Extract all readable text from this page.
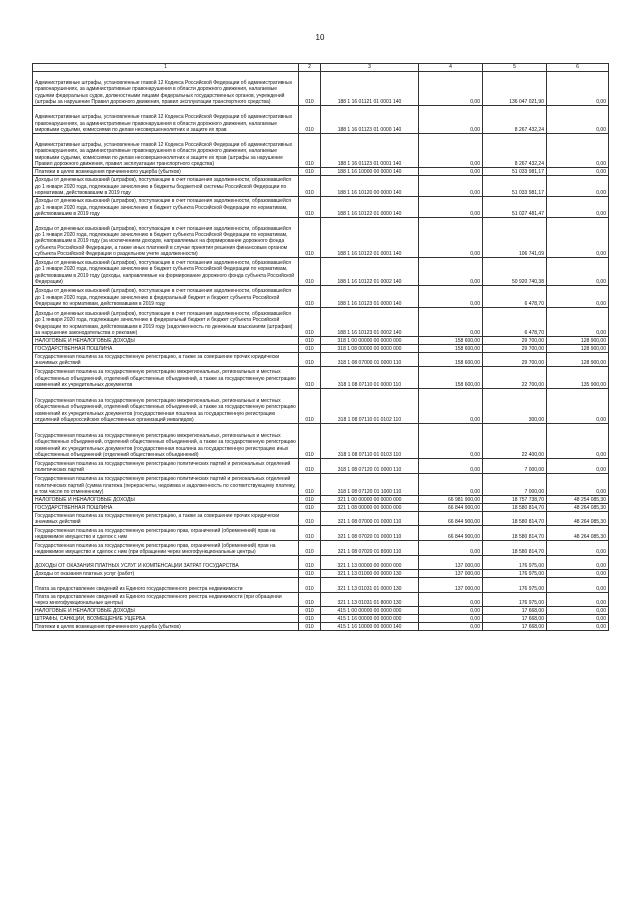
10
1	2	3	4	5	6
Административные штрафы, установленные главой 12 Кодекса Российской Федерации об административных правонарушениях, за административные правонарушения в области дорожного движения, налагаемые судьями федеральных судов, должностными лицами федеральных государственных органов, учреждений (штрафы за нарушение Правил дорожного движения, правил эксплуатации транспортного средства)	010	188 1 16 01121 01 0001 140	0,00	136 047 021,90	0,00
Административные штрафы, установленные главой 12 Кодекса Российской Федерации об административных правонарушениях, за административные правонарушения в области дорожного движения, налагаемые мировыми судьями, комиссиями по делам несовершеннолетних и защите их прав	010	188 1 16 01123 01 0000 140	0,00	8 267 432,24	0,00
Административные штрафы, установленные главой 12 Кодекса Российской Федерации об административных правонарушениях, за административные правонарушения в области дорожного движения, налагаемые мировыми судьями, комиссиями по делам несовершеннолетних и защите их прав (штрафы за нарушение Правил дорожного движения, правил эксплуатации транспортного средства)	010	188 1 16 01123 01 0001 140	0,00	8 267 432,24	0,00
Платежи в целях возмещения причиненного ущерба (убытков)	010	188 1 16 10000 00 0000 140	0,00	51 033 981,17	0,00
Доходы от денежных взысканий (штрафов), поступающие в счет погашения задолженности, образовавшейся до 1 января 2020 года, подлежащие зачислению в бюджеты бюджетной системы Российской Федерации по нормативам, действовавшим в 2019 году	010	188 1 16 10120 00 0000 140	0,00	51 033 981,17	0,00
Доходы от денежных взысканий (штрафов), поступающие в счет погашения задолженности, образовавшейся до 1 января 2020 года, подлежащие зачислению в бюджет субъекта Российской Федерации по нормативам, действовавшим в 2019 году	010	188 1 16 10122 01 0000 140	0,00	51 027 481,47	0,00
Доходы от денежных взысканий (штрафов), поступающие в счет погашения задолженности, образовавшейся до 1 января 2020 года, подлежащие зачислению в бюджет субъекта Российской Федерации по нормативам, действовавшим в 2019 году (за исключением доходов, направляемых на формирование дорожного фонда субъекта Российской Федерации, а также иных платежей в случае принятия решения финансовым органом субъекта Российской Федерации о раздельном учете задолженности)	010	188 1 16 10122 01 0001 140	0,00	106 741,09	0,00
Доходы от денежных взысканий (штрафов), поступающие в счет погашения задолженности, образовавшейся до 1 января 2020 года, подлежащие зачислению в бюджет субъекта Российской Федерации по нормативам, действовавшим в 2019 году (доходы, направляемые на формирование дорожного фонда субъекта Российской Федерации)	010	188 1 16 10122 01 0002 140	0,00	50 920 740,38	0,00
Доходы от денежных взысканий (штрафов), поступающие в счет погашения задолженности, образовавшейся до 1 января 2020 года, подлежащие зачислению в федеральный бюджет и бюджет субъекта Российской Федерации по нормативам, действовавшим в 2019 году	010	188 1 16 10123 01 0000 140	0,00	6 478,70	0,00
Доходы от денежных взысканий (штрафов), поступающие в счет погашения задолженности, образовавшейся до 1 января 2020 года, подлежащие зачислению в федеральный бюджет и бюджет субъекта Российской Федерации по нормативам, действовавшим в 2019 году (задолженность по денежным взысканиям (штрафам) за нарушение законодательства о рекламе)	010	188 1 16 10123 01 0002 140	0,00	6 478,70	0,00
НАЛОГОВЫЕ И НЕНАЛОГОВЫЕ ДОХОДЫ	010	318 1 00 00000 00 0000 000	158 600,00	29 700,00	128 900,00
ГОСУДАРСТВЕННАЯ ПОШЛИНА	010	318 1 08 00000 00 0000 000	158 600,00	29 700,00	128 900,00
Государственная пошлина за государственную регистрацию, а также за совершение прочих юридически значимых действий	010	318 1 08 07000 01 0000 110	158 600,00	29 700,00	128 900,00
Государственная пошлина за государственную регистрацию межрегиональных, региональных и местных общественных объединений, отделений общественных объединений, а также за государственную регистрацию изменений их учредительных документов	010	318 1 08 07110 01 0000 110	158 600,00	22 700,00	135 900,00
Государственная пошлина за государственную регистрацию межрегиональных, региональных и местных общественных объединений, отделений общественных объединений, а также за государственную регистрацию изменений их учредительных документов (государственная пошлина за государственную регистрацию отделений общероссийских общественных организаций инвалидов)	010	318 1 08 07110 01 0102 110	0,00	300,00	0,00
Государственная пошлина за государственную регистрацию межрегиональных, региональных и местных общественных объединений, отделений общественных объединений, а также за государственную регистрацию изменений их учредительных документов (государственная пошлина за государственную регистрацию иных общественных объединений (отделений общественных объединений)	010	318 1 08 07110 01 0103 110	0,00	22 400,00	0,00
Государственная пошлина за государственную регистрацию политических партий и региональных отделений политических партий	010	318 1 08 07120 01 0000 110	0,00	7 000,00	0,00
Государственная пошлина за государственную регистрацию политических партий и региональных отделений политических партий (сумма платежа (перерасчеты, недоимка и задолженность по соответствующему платежу, в том числе по отмененному)	010	318 1 08 07120 01 1000 110	0,00	7 000,00	0,00
НАЛОГОВЫЕ И НЕНАЛОГОВЫЕ ДОХОДЫ	010	321 1 00 00000 00 0000 000	66 981 900,00	18 757 738,70	48 254 085,30
ГОСУДАРСТВЕННАЯ ПОШЛИНА	010	321 1 08 00000 00 0000 000	66 844 900,00	18 580 814,70	48 264 085,30
Государственная пошлина за государственную регистрацию, а также за совершение прочих юридически значимых действий	010	321 1 08 07000 01 0000 110	66 844 900,00	18 580 814,70	48 264 085,30
Государственная пошлина за государственную регистрацию прав, ограничений (обременений) прав на недвижимое имущество и сделок с ним	010	321 1 08 07020 01 0000 110	66 844 900,00	18 580 814,70	48 264 085,30
Государственная пошлина за государственную регистрацию прав, ограничений (обременений) прав на недвижимое имущество и сделок с ним (при обращении через многофункциональные центры)	010	321 1 08 07020 01 8000 110	0,00	18 580 814,70	0,00
ДОХОДЫ ОТ ОКАЗАНИЯ ПЛАТНЫХ УСЛУГ И КОМПЕНСАЦИИ ЗАТРАТ ГОСУДАРСТВА	010	321 1 13 00000 00 0000 000	137 000,00	176 975,00	0,00
Доходы от оказания платных услуг (работ)	010	321 1 13 01000 00 0000 130	137 000,00	176 975,00	0,00
Плата за предоставление сведений из Единого государственного реестра недвижимости	010	321 1 13 01031 01 0000 130	137 000,00	176 975,00	0,00
Плата за предоставление сведений из Единого государственного реестра недвижимости (при обращении через многофункциональные центры)	010	321 1 13 01031 01 8000 130	0,00	176 975,00	0,00
НАЛОГОВЫЕ И НЕНАЛОГОВЫЕ ДОХОДЫ	010	415 1 00 00000 00 0000 000	0,00	17 668,00	0,00
ШТРАФЫ, САНКЦИИ, ВОЗМЕЩЕНИЕ УЩЕРБА	010	415 1 16 00000 00 0000 000	0,00	17 668,00	0,00
Платежи в целях возмещения причиненного ущерба (убытков)	010	415 1 16 10000 00 0000 140	0,00	17 668,00	0,00
